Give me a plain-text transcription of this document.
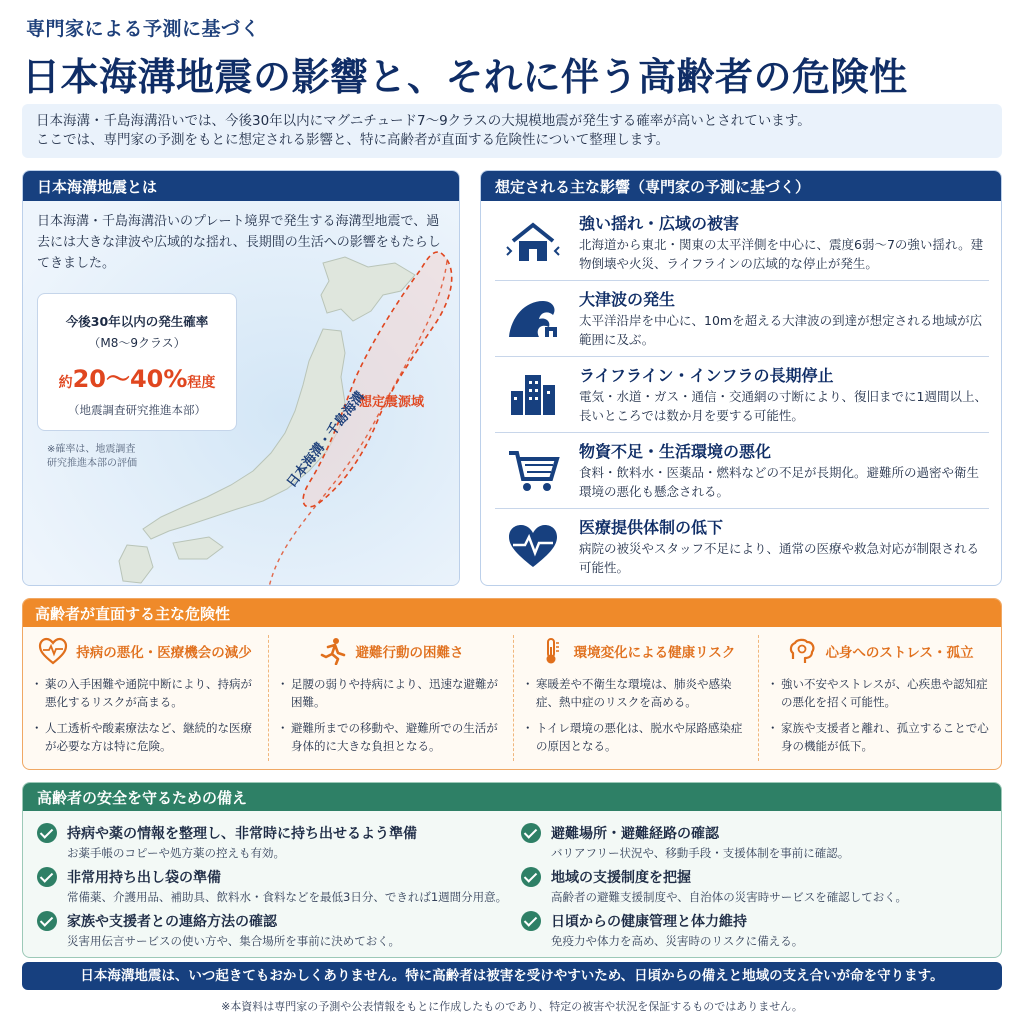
専門家による予測に基づく
日本海溝地震の影響と、それに伴う高齢者の危険性
日本海溝・千島海溝沿いでは、今後30年以内にマグニチュード7〜9クラスの大規模地震が発生する確率が高いとされています。
ここでは、専門家の予測をもとに想定される影響と、特に高齢者が直面する危険性について整理します。
日本海溝地震とは
日本海溝・千島海溝沿いのプレート境界で発生する海溝型地震で、過去には大きな津波や広域的な揺れ、長期間の生活への影響をもたらしてきました。
今後30年以内の発生確率
（M8〜9クラス）
約20〜40%程度
（地震調査研究推進本部）
※確率は、地震調査研究推進本部の評価
想定震源域
日本海溝・千島海溝
想定される主な影響（専門家の予測に基づく）
強い揺れ・広域の被害
北海道から東北・関東の太平洋側を中心に、震度6弱〜7の強い揺れ。建物倒壊や火災、ライフラインの広域的な停止が発生。
大津波の発生
太平洋沿岸を中心に、10mを超える大津波の到達が想定される地域が広範囲に及ぶ。
ライフライン・インフラの長期停止
電気・水道・ガス・通信・交通網の寸断により、復旧までに1週間以上、長いところでは数か月を要する可能性。
物資不足・生活環境の悪化
食料・飲料水・医薬品・燃料などの不足が長期化。避難所の過密や衛生環境の悪化も懸念される。
医療提供体制の低下
病院の被災やスタッフ不足により、通常の医療や救急対応が制限される可能性。
高齢者が直面する主な危険性
持病の悪化・医療機会の減少
・ 薬の入手困難や通院中断により、持病が悪化するリスクが高まる。
・ 人工透析や酸素療法など、継続的な医療が必要な方は特に危険。
避難行動の困難さ
・ 足腰の弱りや持病により、迅速な避難が困難。
・ 避難所までの移動や、避難所での生活が身体的に大きな負担となる。
環境変化による健康リスク
・ 寒暖差や不衛生な環境は、肺炎や感染症、熱中症のリスクを高める。
・ トイレ環境の悪化は、脱水や尿路感染症の原因となる。
心身へのストレス・孤立
・ 強い不安やストレスが、心疾患や認知症の悪化を招く可能性。
・ 家族や支援者と離れ、孤立することで心身の機能が低下。
高齢者の安全を守るための備え
持病や薬の情報を整理し、非常時に持ち出せるよう準備
お薬手帳のコピーや処方薬の控えも有効。
非常用持ち出し袋の準備
常備薬、介護用品、補助具、飲料水・食料などを最低3日分、できれば1週間分用意。
家族や支援者との連絡方法の確認
災害用伝言サービスの使い方や、集合場所を事前に決めておく。
避難場所・避難経路の確認
バリアフリー状況や、移動手段・支援体制を事前に確認。
地域の支援制度を把握
高齢者の避難支援制度や、自治体の災害時サービスを確認しておく。
日頃からの健康管理と体力維持
免疫力や体力を高め、災害時のリスクに備える。
日本海溝地震は、いつ起きてもおかしくありません。特に高齢者は被害を受けやすいため、日頃からの備えと地域の支え合いが命を守ります。
※本資料は専門家の予測や公表情報をもとに作成したものであり、特定の被害や状況を保証するものではありません。
